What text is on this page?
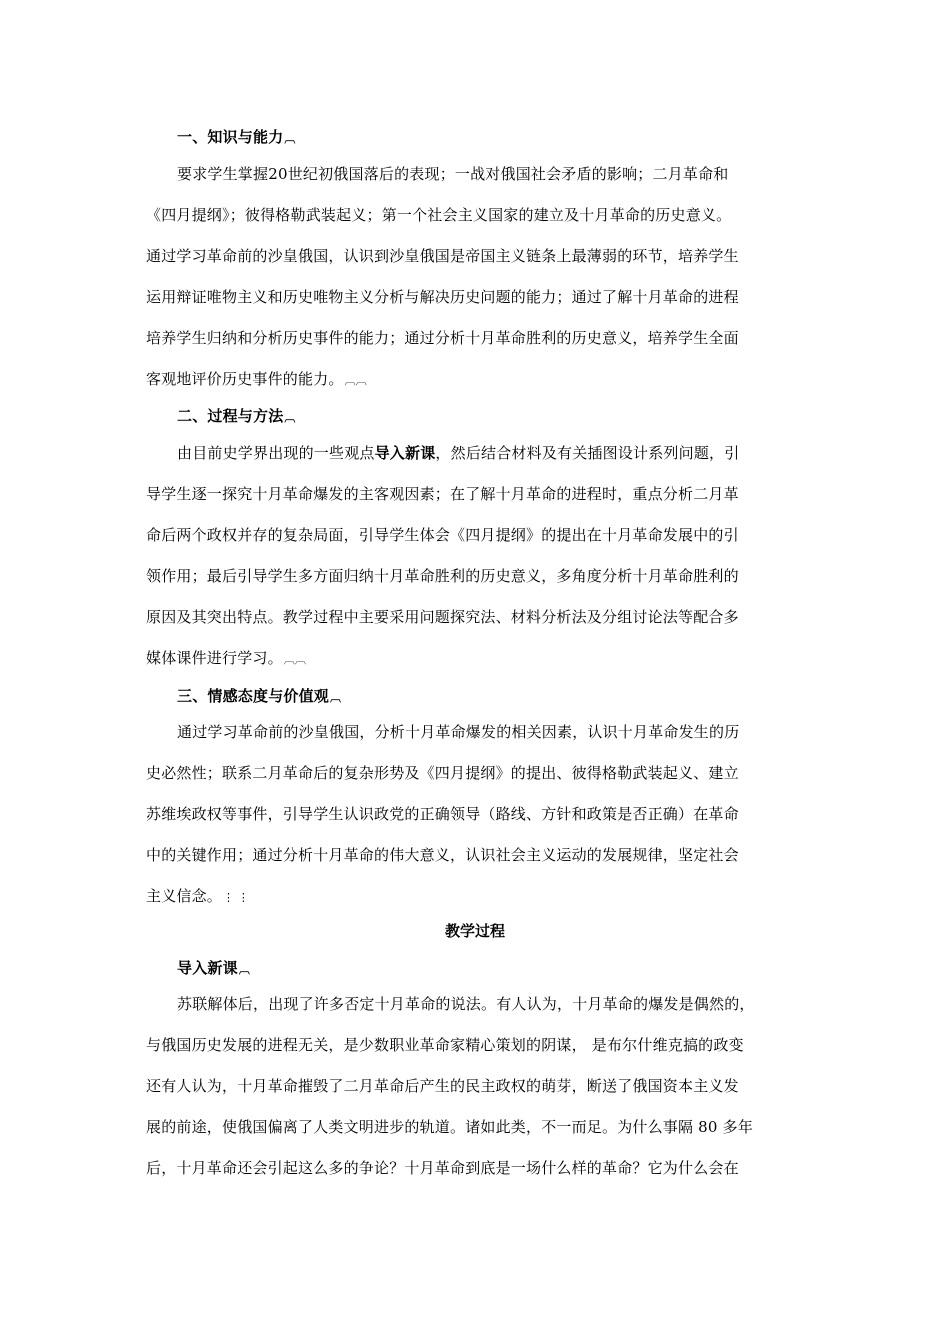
一、知识与能力︹
要求学生掌握20世纪初俄国落后的表现；一战对俄国社会矛盾的影响；二月革命和
《四月提纲》；彼得格勒武装起义；第一个社会主义国家的建立及十月革命的历史意义。
通过学习革命前的沙皇俄国，认识到沙皇俄国是帝国主义链条上最薄弱的环节，培养学生
运用辩证唯物主义和历史唯物主义分析与解决历史问题的能力；通过了解十月革命的进程
培养学生归纳和分析历史事件的能力；通过分析十月革命胜利的历史意义，培养学生全面
客观地评价历史事件的能力。︹︹
二、过程与方法︹
由目前史学界出现的一些观点导入新课，然后结合材料及有关插图设计系列问题，引
导学生逐一探究十月革命爆发的主客观因素；在了解十月革命的进程时，重点分析二月革
命后两个政权并存的复杂局面，引导学生体会《四月提纲》的提出在十月革命发展中的引
领作用；最后引导学生多方面归纳十月革命胜利的历史意义，多角度分析十月革命胜利的
原因及其突出特点。教学过程中主要采用问题探究法、材料分析法及分组讨论法等配合多
媒体课件进行学习。︹︹
三、情感态度与价值观︹
通过学习革命前的沙皇俄国，分析十月革命爆发的相关因素，认识十月革命发生的历
史必然性；联系二月革命后的复杂形势及《四月提纲》的提出、彼得格勒武装起义、建立
苏维埃政权等事件，引导学生认识政党的正确领导（路线、方针和政策是否正确）在革命
中的关键作用；通过分析十月革命的伟大意义，认识社会主义运动的发展规律，坚定社会
主义信念。⋮ ⋮
教学过程
导入新课︹
苏联解体后，出现了许多否定十月革命的说法。有人认为，十月革命的爆发是偶然的，
与俄国历史发展的进程无关，是少数职业革命家精心策划的阴谋， 是布尔什维克搞的政变
还有人认为，十月革命摧毁了二月革命后产生的民主政权的萌芽，断送了俄国资本主义发
展的前途，使俄国偏离了人类文明进步的轨道。诸如此类，不一而足。为什么事隔 80 多年
后，十月革命还会引起这么多的争论？十月革命到底是一场什么样的革命？它为什么会在
